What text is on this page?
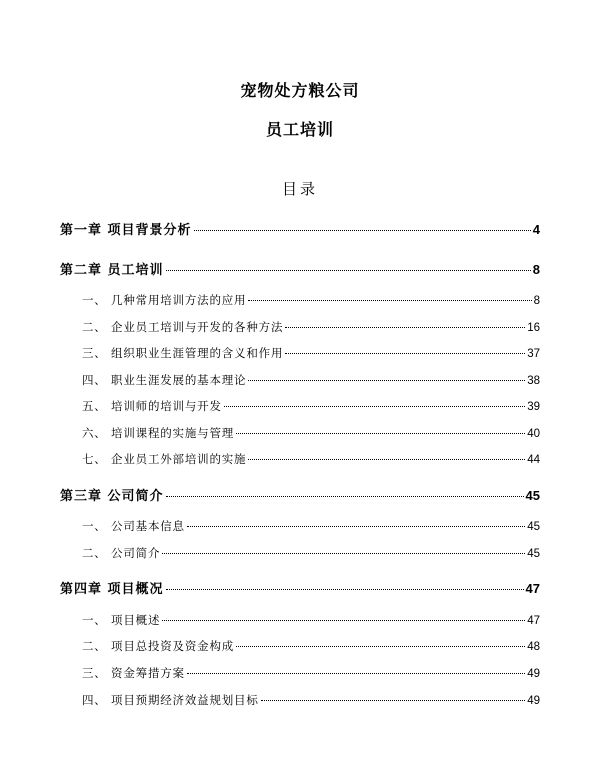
宠物处方粮公司
员工培训
目录
第一章 项目背景分析	4
第二章 员工培训	8
一、 几种常用培训方法的应用	8
二、 企业员工培训与开发的各种方法	16
三、 组织职业生涯管理的含义和作用	37
四、 职业生涯发展的基本理论	38
五、 培训师的培训与开发	39
六、 培训课程的实施与管理	40
七、 企业员工外部培训的实施	44
第三章 公司简介	45
一、 公司基本信息	45
二、 公司简介	45
第四章 项目概况	47
一、 项目概述	47
二、 项目总投资及资金构成	48
三、 资金筹措方案	49
四、 项目预期经济效益规划目标	49
